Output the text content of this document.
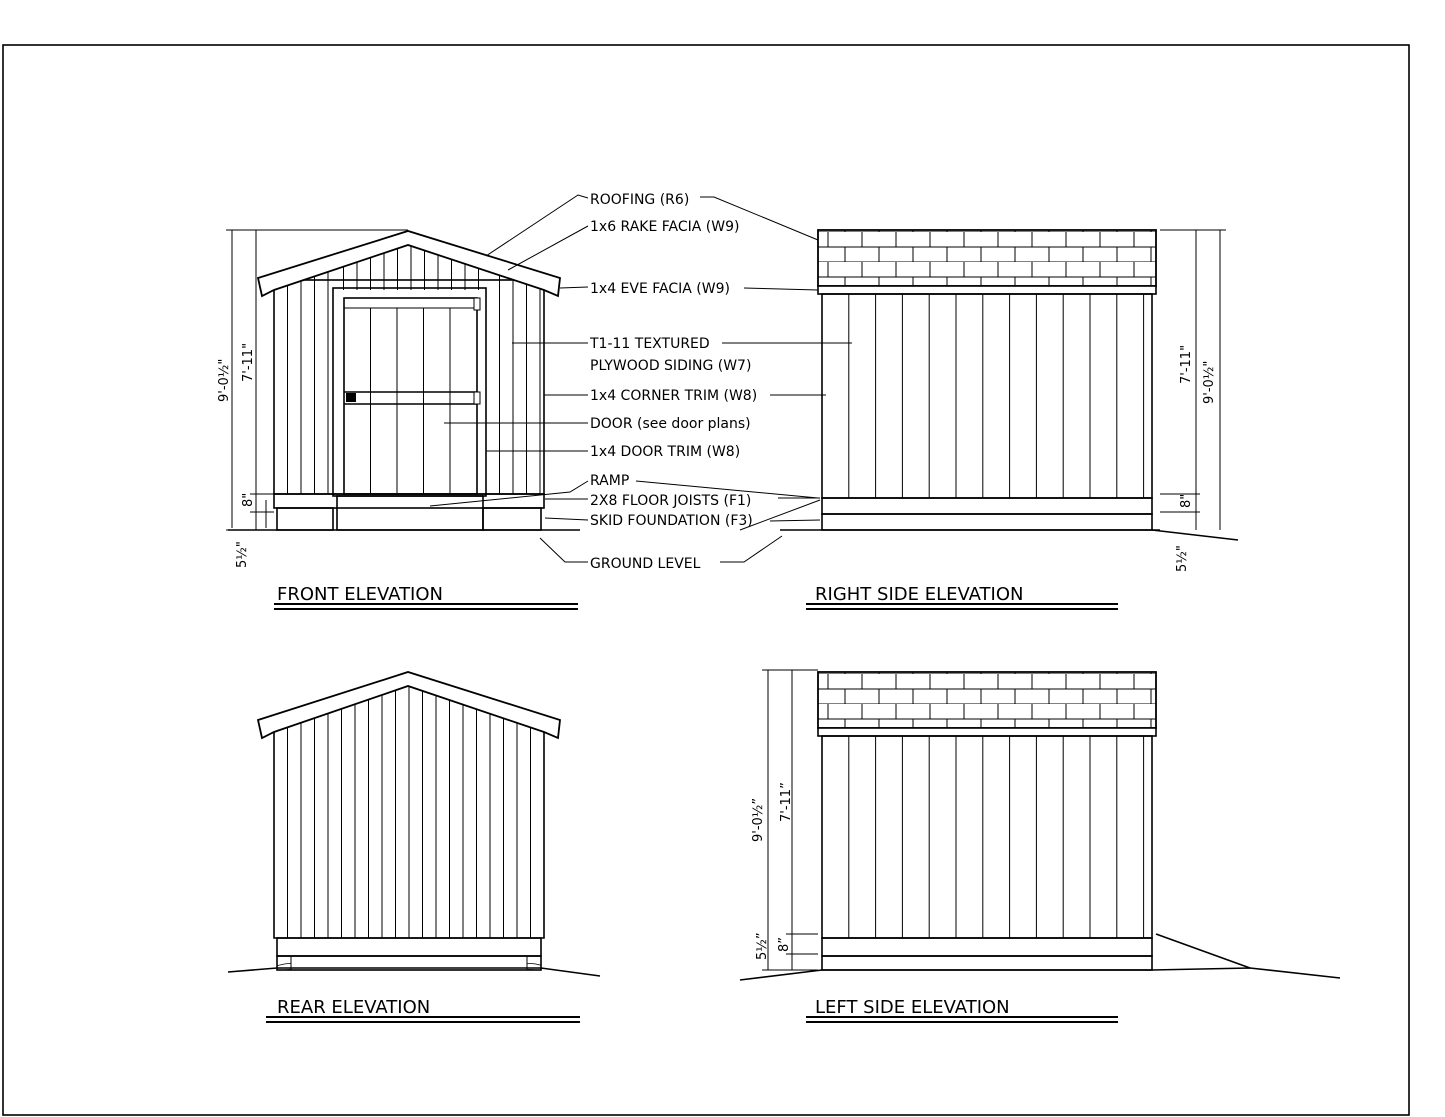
9'-0½" 7'-11"
8"
5½"
ROOFING (R6)
1x6 RAKE FACIA (W9)
1x4 EVE FACIA (W9)
T1-11 TEXTURED
PLYWOOD SIDING (W7)
1x4 CORNER TRIM (W8)
DOOR (see door plans)
1x4 DOOR TRIM (W8)
RAMP
2X8 FLOOR JOISTS (F1)
SKID FOUNDATION (F3)
GROUND LEVEL
7'-11" 9'-0½"
8"
5½"
7'-11”
9'-0½”
5½” 8”
FRONT ELEVATION	RIGHT SIDE ELEVATION
REAR ELEVATION	LEFT SIDE ELEVATION
